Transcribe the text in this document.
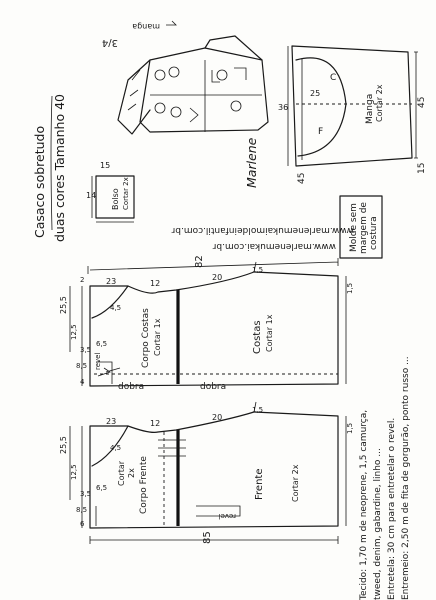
Casaco sobretudo duas cores Tamanho 40
3/4
manga
Marlene
Manga Cortar 2x
36	45
15
25
C
F
45
Bolso Cortar 2x
15
14
Molde sem margem de costura
www.marlenemukai.com.br
www.marlenemukaimoldeinfantil.com.br
Corpo Costas Cortar 1x	Costas Cortar 1x
dobra	dobra
revel
82
23	12
20
1,5
4,5
25,5
12,5
2
8,5
3,5
6,5
4
1,5
Corpo Frente
Cortar 2x	Frente	Cortar 2x
85
23	12
20
1,5
4,5
25,5
12,5
8,5
3,5
6,5
6
1,5
revel	Tecido: 1,70 m de neoprene, 1,5 camurça, tweed, denim, gabardine, linho ... Entretela: 30 cm para entretelar o revel. Entremeio: 2,50 m de fita de gorgurão, ponto russo ...
